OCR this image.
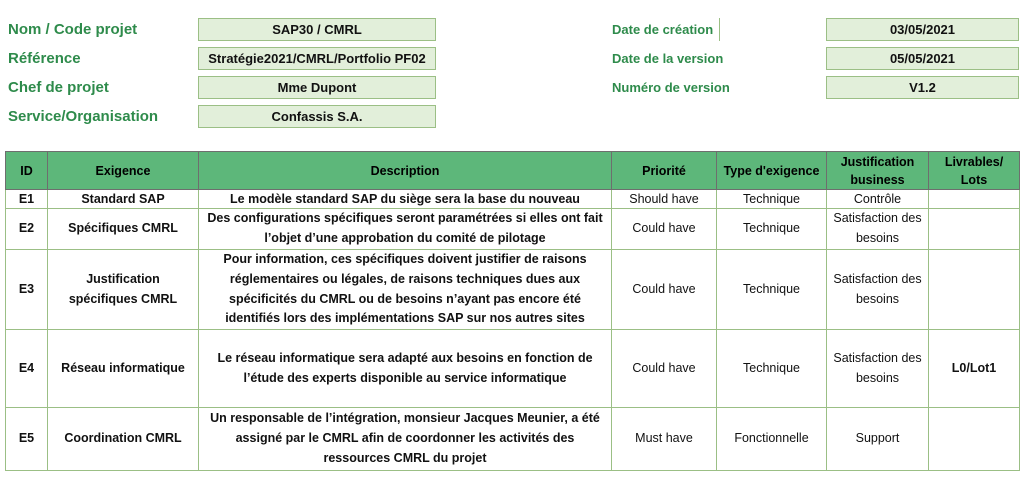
Nom / Code projet	SAP30 / CMRL
Référence	Stratégie2021/CMRL/Portfolio PF02
Chef de projet	Mme Dupont
Service/Organisation	Confassis S.A.
Date de création	03/05/2021
Date de la version	05/05/2021
Numéro de version	V1.2
ID	Exigence	Description	Priorité	Type d'exigence	Justification business	Livrables/ Lots
E1	Standard SAP	Le modèle standard SAP du siège sera la base du nouveau	Should have	Technique	Contrôle	
E2	Spécifiques CMRL	Des configurations spécifiques seront paramétrées si elles ont fait l’objet d’une approbation du comité de pilotage	Could have	Technique	Satisfaction des besoins	
E3	Justification spécifiques CMRL	Pour information, ces spécifiques doivent justifier de raisons réglementaires ou légales, de raisons techniques dues aux spécificités du CMRL ou de besoins n’ayant pas encore été identifiés lors des implémentations SAP sur nos autres sites	Could have	Technique	Satisfaction des besoins	
E4	Réseau informatique	Le réseau informatique sera adapté aux besoins en fonction de l’étude des experts disponible au service informatique	Could have	Technique	Satisfaction des besoins	L0/Lot1
E5	Coordination CMRL	Un responsable de l’intégration, monsieur Jacques Meunier, a été assigné par le CMRL afin de coordonner les activités des ressources CMRL du projet	Must have	Fonctionnelle	Support	
